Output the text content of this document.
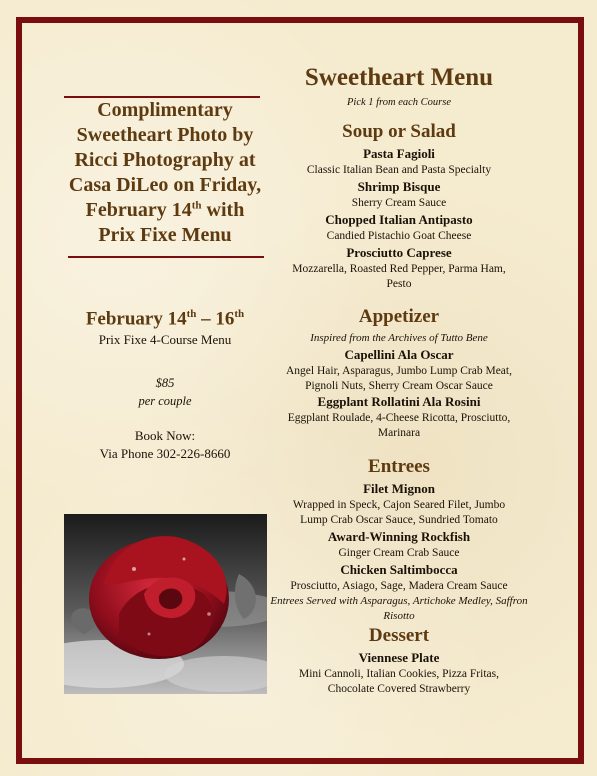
Complimentary
Sweetheart Photo by
Ricci Photography at
Casa DiLeo on Friday,
February 14th with
Prix Fixe Menu
February 14th – 16th
Prix Fixe 4-Course Menu
$85
per couple
Book Now:
Via Phone 302-226-8660
Sweetheart Menu
Pick 1 from each Course
Soup or Salad
Pasta Fagioli
Classic Italian Bean and Pasta Specialty
Shrimp Bisque
Sherry Cream Sauce
Chopped Italian Antipasto
Candied Pistachio Goat Cheese
Prosciutto Caprese
Mozzarella, Roasted Red Pepper, Parma Ham,
Pesto
Appetizer
Inspired from the Archives of Tutto Bene
Capellini Ala Oscar
Angel Hair, Asparagus, Jumbo Lump Crab Meat,
Pignoli Nuts, Sherry Cream Oscar Sauce
Eggplant Rollatini Ala Rosini
Eggplant Roulade, 4-Cheese Ricotta, Prosciutto,
Marinara
Entrees
Filet Mignon
Wrapped in Speck, Cajon Seared Filet, Jumbo
Lump Crab Oscar Sauce, Sundried Tomato
Award-Winning Rockfish
Ginger Cream Crab Sauce
Chicken Saltimbocca
Prosciutto, Asiago, Sage, Madera Cream Sauce
Entrees Served with Asparagus, Artichoke Medley, Saffron
Risotto
Dessert
Viennese Plate
Mini Cannoli, Italian Cookies, Pizza Fritas,
Chocolate Covered Strawberry
